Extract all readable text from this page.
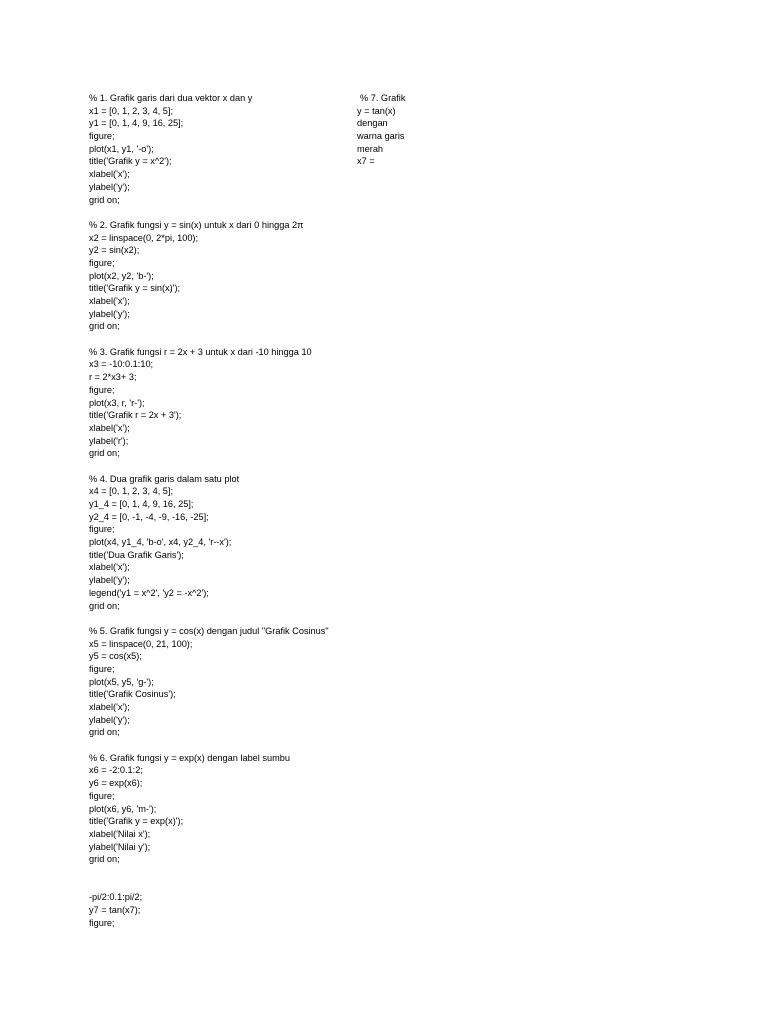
% 1. Grafik garis dari dua vektor x dan y
x1 = [0, 1, 2, 3, 4, 5];
y1 = [0, 1, 4, 9, 16, 25];
figure;
plot(x1, y1, '-o');
title('Grafik y = x^2');
xlabel('x');
ylabel('y');
grid on;
% 2. Grafik fungsi y = sin(x) untuk x dari 0 hingga 2π
x2 = linspace(0, 2*pi, 100);
y2 = sin(x2);
figure;
plot(x2, y2, 'b-');
title('Grafik y = sin(x)');
xlabel('x');
ylabel('y');
grid on;
% 3. Grafik fungsi r = 2x + 3 untuk x dari -10 hingga 10
x3 = -10:0.1:10;
r = 2*x3+ 3;
figure;
plot(x3, r, 'r-');
title('Grafik r = 2x + 3');
xlabel('x');
ylabel('r');
grid on;
% 4. Dua grafik garis dalam satu plot
x4 = [0, 1, 2, 3, 4, 5];
y1_4 = [0, 1, 4, 9, 16, 25];
y2_4 = [0, -1, -4, -9, -16, -25];
figure;
plot(x4, y1_4, 'b-o', x4, y2_4, 'r--x');
title('Dua Grafik Garis');
xlabel('x');
ylabel('y');
legend('y1 = x^2', 'y2 = -x^2');
grid on;
% 5. Grafik fungsi y = cos(x) dengan judul "Grafik Cosinus"
x5 = linspace(0, 21, 100);
y5 = cos(x5);
figure;
plot(x5, y5, 'g-');
title('Grafik Cosinus');
xlabel('x');
ylabel('y');
grid on;
% 6. Grafik fungsi y = exp(x) dengan label sumbu
x6 = -2:0.1:2;
y6 = exp(x6);
figure;
plot(x6, y6, 'm-');
title('Grafik y = exp(x)');
xlabel('Nilai x');
ylabel('Nilai y');
grid on;
-pi/2:0.1:pi/2;
y7 = tan(x7);
figure;
% 7. Grafik
y = tan(x)
dengan
warna garis
merah
x7 =
